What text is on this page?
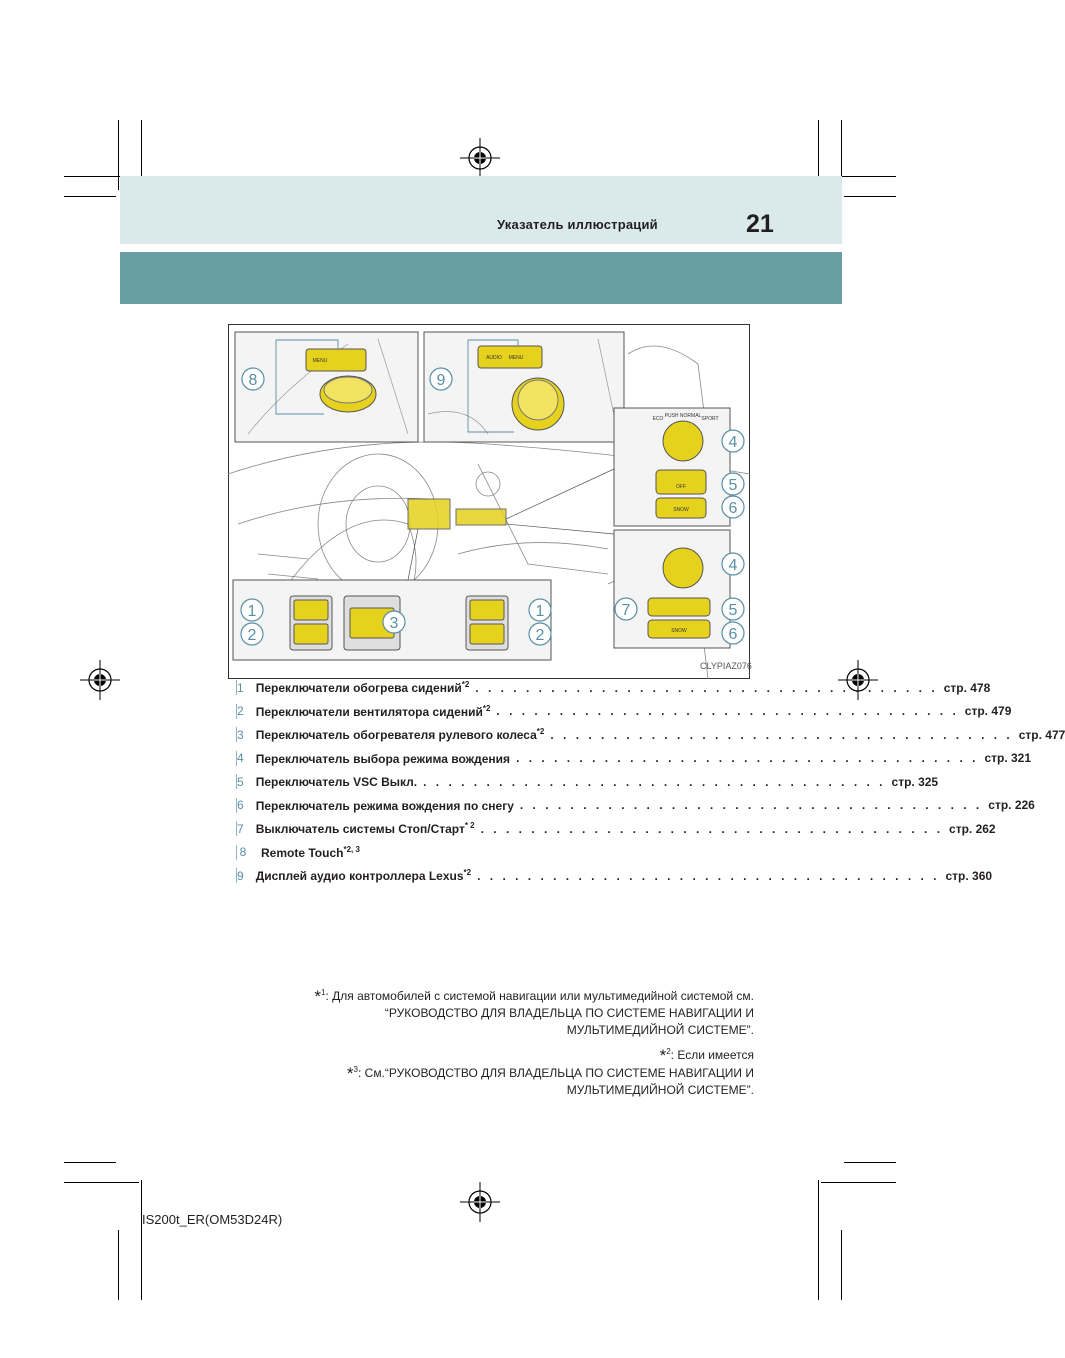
Указатель иллюстраций	21
1
2
3
1
2
4
5
6
4
5
6
7
8	9
MENU	AUDIO MENU
ECO PUSH NORMAL SPORT
OFF
SNOW
SNOW
CLYPIAZ076
1 Переключатели обогрева сидений$^{*2}$ . . . . . . . . . . . . . . . . . . . . . . . . . . . . . . . . . . . . . стр. 478
2 Переключатели вентилятора сидений$^{*2}$ . . . . . . . . . . . . . . . . . . . . . . . . . . . . . . . . . . . . . стр. 479
3 Переключатель обогревателя рулевого колеса$^{*2}$ . . . . . . . . . . . . . . . . . . . . . . . . . . . . . . . . . . . . . стр. 477
4 Переключатель выбора режима вождения . . . . . . . . . . . . . . . . . . . . . . . . . . . . . . . . . . . . . стр. 321
5 Переключатель VSC Выкл. . . . . . . . . . . . . . . . . . . . . . . . . . . . . . . . . . . . . . стр. 325
6 Переключатель режима вождения по снегу . . . . . . . . . . . . . . . . . . . . . . . . . . . . . . . . . . . . . стр. 226
7 Выключатель системы Стоп/Старт$^{* 2}$ . . . . . . . . . . . . . . . . . . . . . . . . . . . . . . . . . . . . . стр. 262
8 Remote Touch$^{*2, 3}$
9 Дисплей аудио контроллера Lexus$^{*2}$ . . . . . . . . . . . . . . . . . . . . . . . . . . . . . . . . . . . . . стр. 360
*$^1$: Для автомобилей с системой навигации или мультимедийной системой см.
“РУКОВОДСТВО ДЛЯ ВЛАДЕЛЬЦА ПО СИСТЕМЕ НАВИГАЦИИ И
МУЛЬТИМЕДИЙНОЙ СИСТЕМЕ”.
*$^2$: Если имеется
*$^3$: См.“РУКОВОДСТВО ДЛЯ ВЛАДЕЛЬЦА ПО СИСТЕМЕ НАВИГАЦИИ И
МУЛЬТИМЕДИЙНОЙ СИСТЕМЕ”.
IS200t_ER(OM53D24R)
